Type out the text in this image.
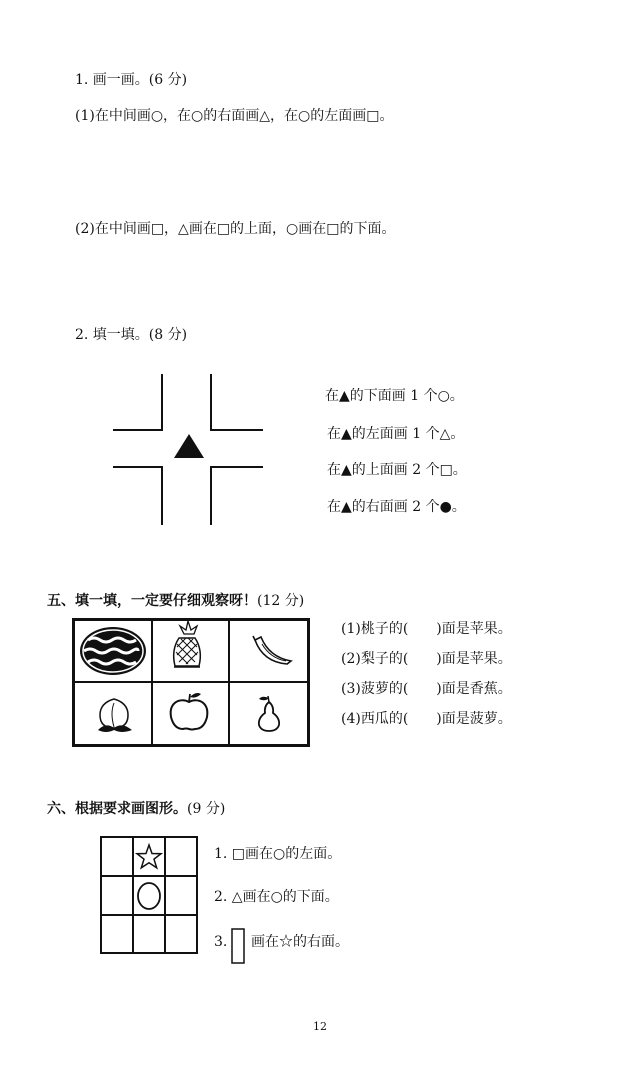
1. 画一画。(6 分)
(1)在中间画○，在○的右面画△，在○的左面画□。
(2)在中间画□，△画在□的上面，○画在□的下面。
2. 填一填。(8 分)
在▲的下面画 1 个○。
在▲的左面画 1 个△。
在▲的上面画 2 个□。
在▲的右面画 2 个●。
五、填一填，一定要仔细观察呀！(12 分)
(1)桃子的(　　)面是苹果。
(2)梨子的(　　)面是苹果。
(3)菠萝的(　　)面是香蕉。
(4)西瓜的(　　)面是菠萝。
六、根据要求画图形。(9 分)
1. □画在○的左面。
2. △画在○的下面。
3. 画在☆的右面。
12
